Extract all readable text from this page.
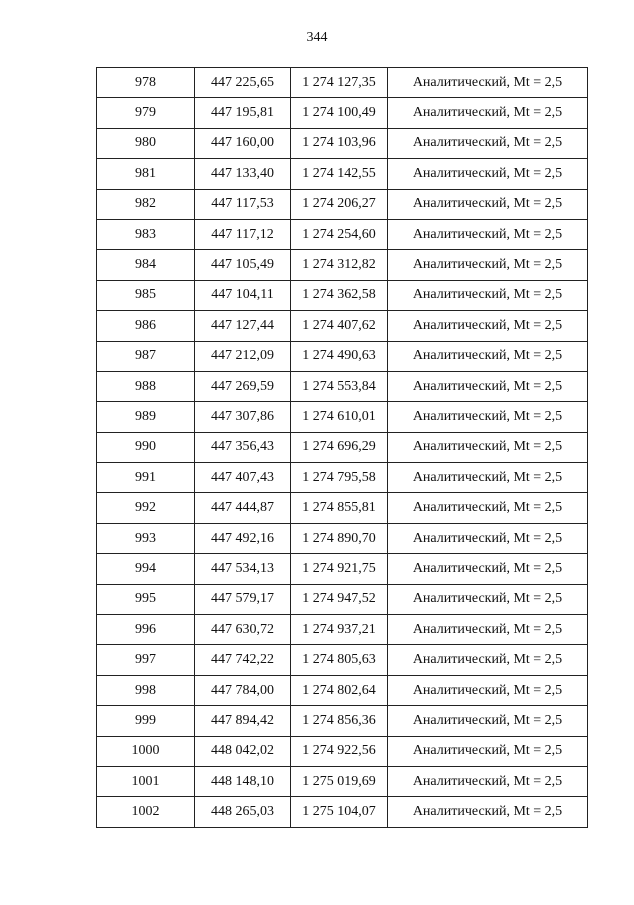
344
978	447 225,65	1 274 127,35	Аналитический, Mt = 2,5
979	447 195,81	1 274 100,49	Аналитический, Mt = 2,5
980	447 160,00	1 274 103,96	Аналитический, Mt = 2,5
981	447 133,40	1 274 142,55	Аналитический, Mt = 2,5
982	447 117,53	1 274 206,27	Аналитический, Mt = 2,5
983	447 117,12	1 274 254,60	Аналитический, Mt = 2,5
984	447 105,49	1 274 312,82	Аналитический, Mt = 2,5
985	447 104,11	1 274 362,58	Аналитический, Mt = 2,5
986	447 127,44	1 274 407,62	Аналитический, Mt = 2,5
987	447 212,09	1 274 490,63	Аналитический, Mt = 2,5
988	447 269,59	1 274 553,84	Аналитический, Mt = 2,5
989	447 307,86	1 274 610,01	Аналитический, Mt = 2,5
990	447 356,43	1 274 696,29	Аналитический, Mt = 2,5
991	447 407,43	1 274 795,58	Аналитический, Mt = 2,5
992	447 444,87	1 274 855,81	Аналитический, Mt = 2,5
993	447 492,16	1 274 890,70	Аналитический, Mt = 2,5
994	447 534,13	1 274 921,75	Аналитический, Mt = 2,5
995	447 579,17	1 274 947,52	Аналитический, Mt = 2,5
996	447 630,72	1 274 937,21	Аналитический, Mt = 2,5
997	447 742,22	1 274 805,63	Аналитический, Mt = 2,5
998	447 784,00	1 274 802,64	Аналитический, Mt = 2,5
999	447 894,42	1 274 856,36	Аналитический, Mt = 2,5
1000	448 042,02	1 274 922,56	Аналитический, Mt = 2,5
1001	448 148,10	1 275 019,69	Аналитический, Mt = 2,5
1002	448 265,03	1 275 104,07	Аналитический, Mt = 2,5
